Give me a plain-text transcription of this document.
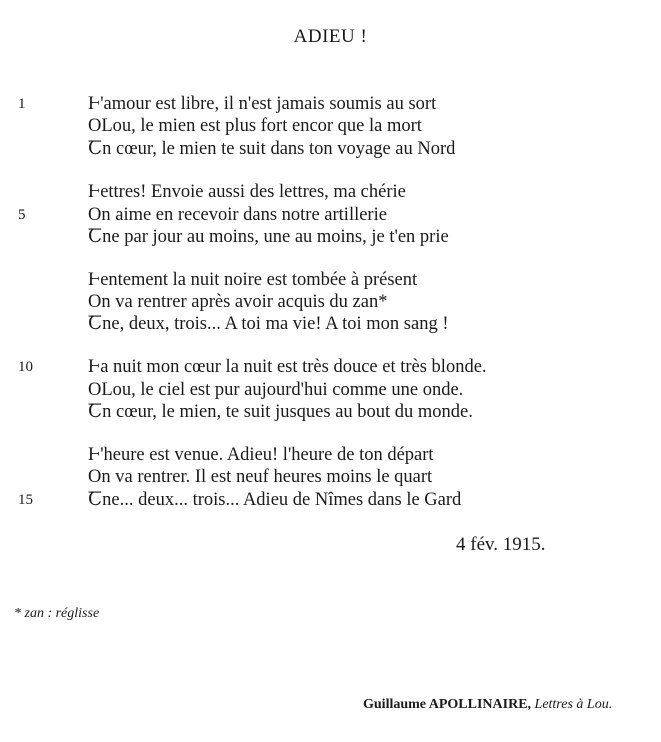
ADIEU !
1
5
10
15
Ⱶ'amour est libre, il n'est jamais soumis au sort
OLou, le mien est plus fort encor que la mort
Ꞇn cœur, le mien te suit dans ton voyage au Nord
Ⱶettres! Envoie aussi des lettres, ma chérie
On aime en recevoir dans notre artillerie
Ꞇne par jour au moins, une au moins, je t'en prie
Ⱶentement la nuit noire est tombée à présent
On va rentrer après avoir acquis du zan*
Ꞇne, deux, trois... A toi ma vie! A toi mon sang !
Ⱶa nuit mon cœur la nuit est très douce et très blonde.
OLou, le ciel est pur aujourd'hui comme une onde.
Ꞇn cœur, le mien, te suit jusques au bout du monde.
Ⱶ'heure est venue. Adieu! l'heure de ton départ
On va rentrer. Il est neuf heures moins le quart
Ꞇne... deux... trois... Adieu de Nîmes dans le Gard
4 fév. 1915.
* zan : réglisse
Guillaume APOLLINAIRE, Lettres à Lou.
